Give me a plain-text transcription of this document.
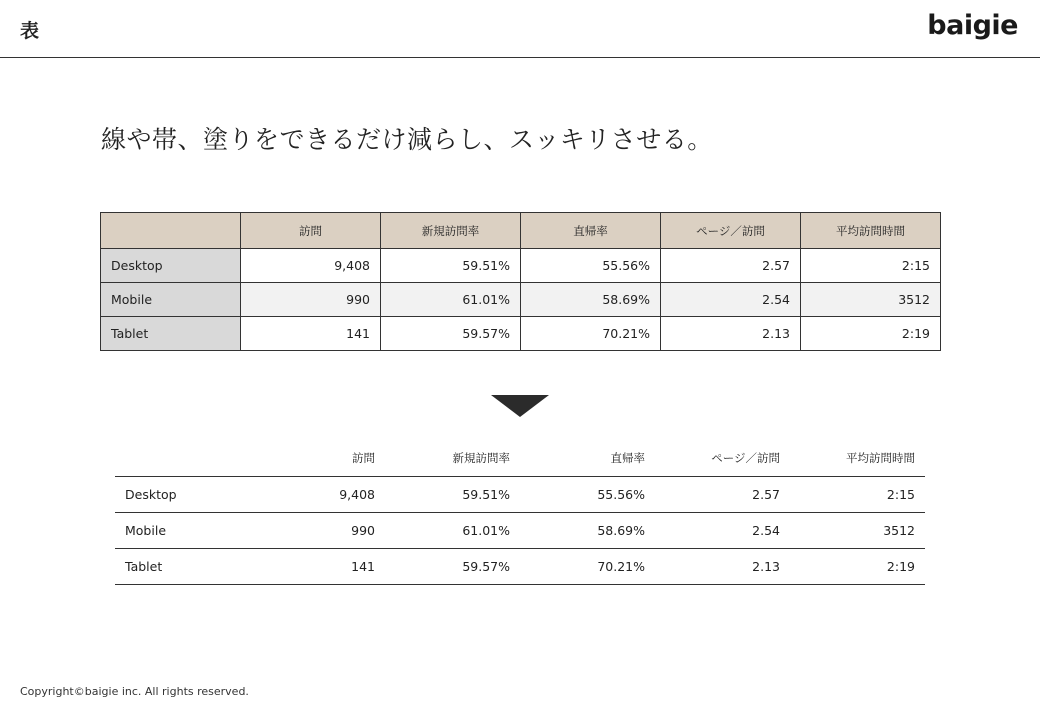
表	baigie
線や帯、塗りをできるだけ減らし、スッキリさせる。
	訪問	新規訪問率	直帰率	ページ／訪問	平均訪問時間
Desktop	9,408	59.51%	55.56%	2.57	2:15
Mobile	990	61.01%	58.69%	2.54	3512
Tablet	141	59.57%	70.21%	2.13	2:19
	訪問	新規訪問率	直帰率	ページ／訪問	平均訪問時間
Desktop	9,408	59.51%	55.56%	2.57	2:15
Mobile	990	61.01%	58.69%	2.54	3512
Tablet	141	59.57%	70.21%	2.13	2:19
Copyright©baigie inc. All rights reserved.
